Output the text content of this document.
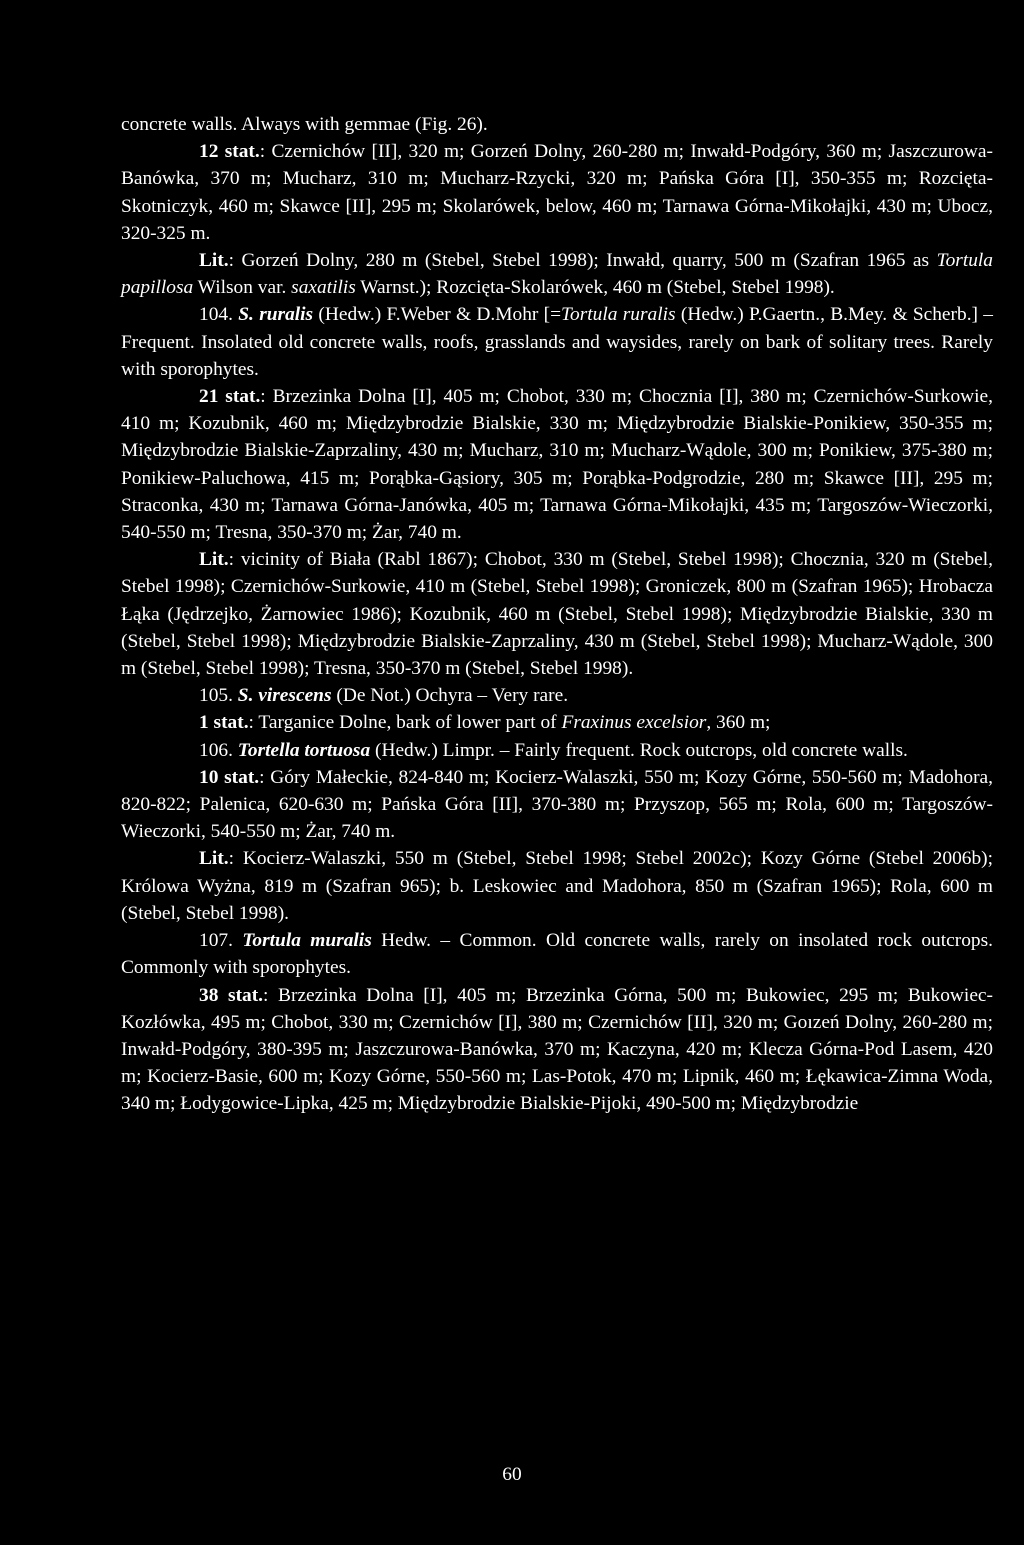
concrete walls. Always with gemmae (Fig. 26).

12 stat.: Czernichów [II], 320 m; Gorzeń Dolny, 260-280 m; Inwałd-Podgóry, 360 m; Jaszczurowa-Banówka, 370 m; Mucharz, 310 m; Mucharz-Rzycki, 320 m; Pańska Góra [I], 350-355 m; Rozcięta-Skotniczyk, 460 m; Skawce [II], 295 m; Skolarówek, below, 460 m; Tarnawa Górna-Mikołajki, 430 m; Ubocz, 320-325 m.

Lit.: Gorzeń Dolny, 280 m (Stebel, Stebel 1998); Inwałd, quarry, 500 m (Szafran 1965 as Tortula papillosa Wilson var. saxatilis Warnst.); Rozcięta-Skolarówek, 460 m (Stebel, Stebel 1998).

104. S. ruralis (Hedw.) F.Weber & D.Mohr [=Tortula ruralis (Hedw.) P.Gaertn., B.Mey. & Scherb.] – Frequent. Insolated old concrete walls, roofs, grasslands and waysides, rarely on bark of solitary trees. Rarely with sporophytes.

21 stat.: Brzezinka Dolna [I], 405 m; Chobot, 330 m; Chocznia [I], 380 m; Czernichów-Surkowie, 410 m; Kozubnik, 460 m; Międzybrodzie Bialskie, 330 m; Międzybrodzie Bialskie-Ponikiew, 350-355 m; Międzybrodzie Bialskie-Zaprzaliny, 430 m; Mucharz, 310 m; Mucharz-Wądole, 300 m; Ponikiew, 375-380 m; Ponikiew-Paluchowa, 415 m; Porąbka-Gąsiory, 305 m; Porąbka-Podgrodzie, 280 m; Skawce [II], 295 m; Straconka, 430 m; Tarnawa Górna-Janówka, 405 m; Tarnawa Górna-Mikołajki, 435 m; Targoszów-Wieczorki, 540-550 m; Tresna, 350-370 m; Żar, 740 m.

Lit.: vicinity of Biała (Rabl 1867); Chobot, 330 m (Stebel, Stebel 1998); Chocznia, 320 m (Stebel, Stebel 1998); Czernichów-Surkowie, 410 m (Stebel, Stebel 1998); Groniczek, 800 m (Szafran 1965); Hrobacza Łąka (Jędrzejko, Żarnowiec 1986); Kozubnik, 460 m (Stebel, Stebel 1998); Międzybrodzie Bialskie, 330 m (Stebel, Stebel 1998); Międzybrodzie Bialskie-Zaprzaliny, 430 m (Stebel, Stebel 1998); Mucharz-Wądole, 300 m (Stebel, Stebel 1998); Tresna, 350-370 m (Stebel, Stebel 1998).

105. S. virescens (De Not.) Ochyra – Very rare.

1 stat.: Targanice Dolne, bark of lower part of Fraxinus excelsior, 360 m;

106. Tortella tortuosa (Hedw.) Limpr. – Fairly frequent. Rock outcrops, old concrete walls.

10 stat.: Góry Małeckie, 824-840 m; Kocierz-Walaszki, 550 m; Kozy Górne, 550-560 m; Madohora, 820-822; Palenica, 620-630 m; Pańska Góra [II], 370-380 m; Przyszop, 565 m; Rola, 600 m; Targoszów-Wieczorki, 540-550 m; Żar, 740 m.

Lit.: Kocierz-Walaszki, 550 m (Stebel, Stebel 1998; Stebel 2002c); Kozy Górne (Stebel 2006b); Królowa Wyżna, 819 m (Szafran 965); b. Leskowiec and Madohora, 850 m (Szafran 1965); Rola, 600 m (Stebel, Stebel 1998).

107. Tortula muralis Hedw. – Common. Old concrete walls, rarely on insolated rock outcrops. Commonly with sporophytes.

38 stat.: Brzezinka Dolna [I], 405 m; Brzezinka Górna, 500 m; Bukowiec, 295 m; Bukowiec-Kozłówka, 495 m; Chobot, 330 m; Czernichów [I], 380 m; Czernichów [II], 320 m; Goızeń Dolny, 260-280 m; Inwałd-Podgóry, 380-395 m; Jaszczurowa-Banówka, 370 m; Kaczyna, 420 m; Klecza Górna-Pod Lasem, 420 m; Kocierz-Basie, 600 m; Kozy Górne, 550-560 m; Las-Potok, 470 m; Lipnik, 460 m; Łękawica-Zimna Woda, 340 m; Łodygowice-Lipka, 425 m; Międzybrodzie Bialskie-Pijoki, 490-500 m; Międzybrodzie

60
